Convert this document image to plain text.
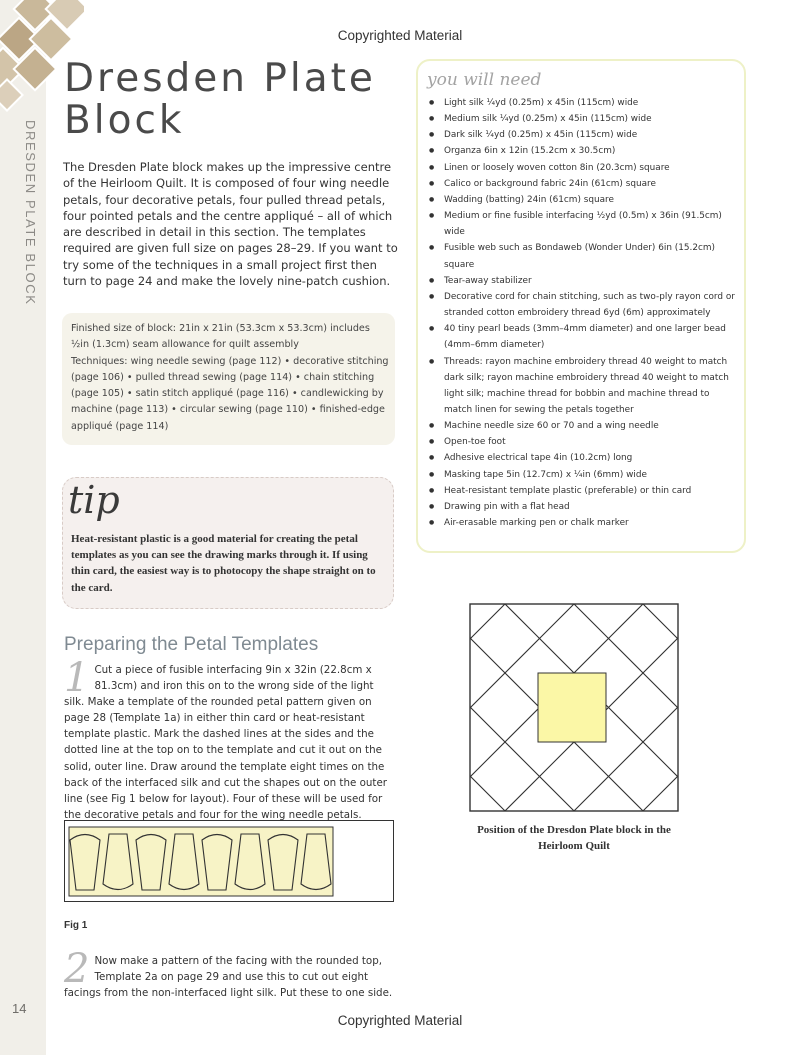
DRESDEN PLATE BLOCK
14
Copyrighted Material
Copyrighted Material
Dresden Plate
Block

The Dresden Plate block makes up the impressive centre of the Heirloom Quilt. It is composed of four wing needle petals, four decorative petals, four pulled thread petals, four pointed petals and the centre appliqué – all of which are described in detail in this section. The templates required are given full size on pages 28–29. If you want to try some of the techniques in a small project first then turn to page 24 and make the lovely nine-patch cushion.

Finished size of block: 21in x 21in (53.3cm x 53.3cm) includes ½in (1.3cm) seam allowance for quilt assembly
Techniques: wing needle sewing (page 112) • decorative stitching (page 106) • pulled thread sewing (page 114) • chain stitching (page 105) • satin stitch appliqué (page 116) • candlewicking by machine (page 113) • circular sewing (page 110) • finished-edge appliqué (page 114)
tip
Heat-resistant plastic is a good material for creating the petal templates as you can see the drawing marks through it. If using thin card, the easiest way is to photocopy the shape straight on to the card.
Preparing the Petal Templates
1 Cut a piece of fusible interfacing 9in x 32in (22.8cm x 81.3cm) and iron this on to the wrong side of the light silk. Make a template of the rounded petal pattern given on page 28 (Template 1a) in either thin card or heat-resistant template plastic. Mark the dashed lines at the sides and the dotted line at the top on to the template and cut it out on the solid, outer line. Draw around the template eight times on the back of the interfaced silk and cut the shapes out on the outer line (see Fig 1 below for layout). Four of these will be used for the decorative petals and four for the wing needle petals.
Fig 1
2 Now make a pattern of the facing with the rounded top, Template 2a on page 29 and use this to cut out eight facings from the non-interfaced light silk. Put these to one side.
you will need
● Light silk ¼yd (0.25m) x 45in (115cm) wide
● Medium silk ¼yd (0.25m) x 45in (115cm) wide
● Dark silk ¼yd (0.25m) x 45in (115cm) wide
● Organza 6in x 12in (15.2cm x 30.5cm)
● Linen or loosely woven cotton 8in (20.3cm) square
● Calico or background fabric 24in (61cm) square
● Wadding (batting) 24in (61cm) square
● Medium or fine fusible interfacing ½yd (0.5m) x 36in (91.5cm) wide
● Fusible web such as Bondaweb (Wonder Under) 6in (15.2cm) square
● Tear-away stabilizer
● Decorative cord for chain stitching, such as two-ply rayon cord or stranded cotton embroidery thread 6yd (6m) approximately
● 40 tiny pearl beads (3mm–4mm diameter) and one larger bead (4mm–6mm diameter)
● Threads: rayon machine embroidery thread 40 weight to match dark silk; rayon machine embroidery thread 40 weight to match light silk; machine thread for bobbin and machine thread to match linen for sewing the petals together
● Machine needle size 60 or 70 and a wing needle
● Open-toe foot
● Adhesive electrical tape 4in (10.2cm) long
● Masking tape 5in (12.7cm) x ¼in (6mm) wide
● Heat-resistant template plastic (preferable) or thin card
● Drawing pin with a flat head
● Air-erasable marking pen or chalk marker
Position of the Dresdon Plate block in the Heirloom Quilt
